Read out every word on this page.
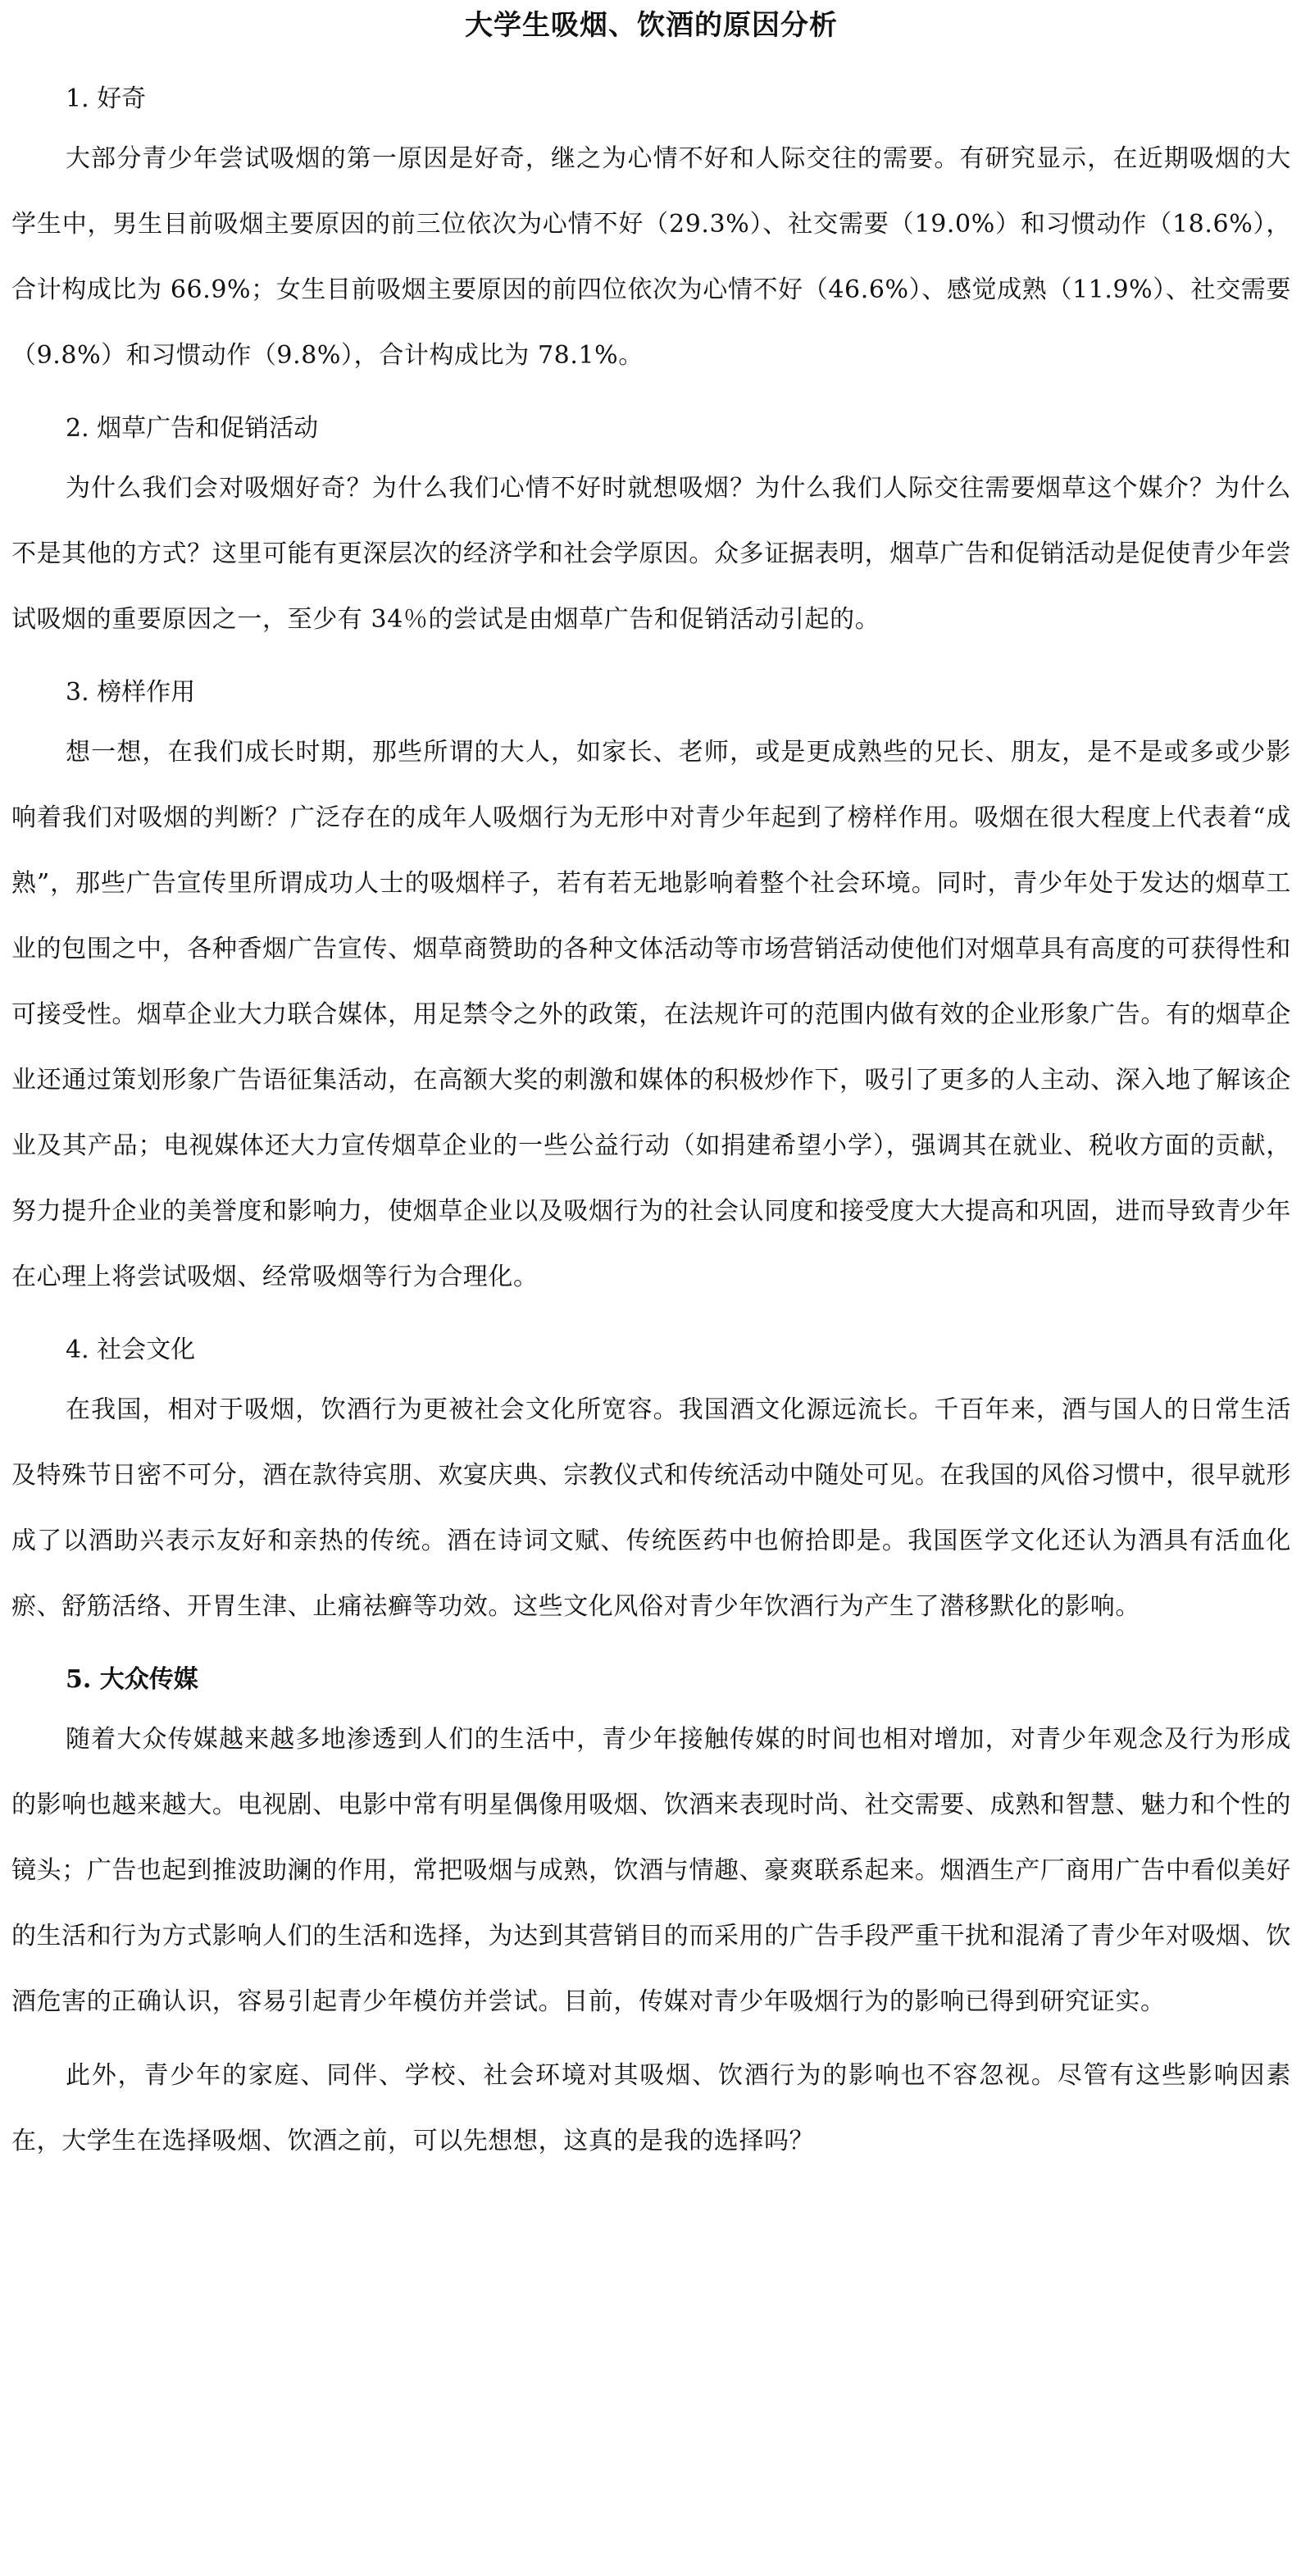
大学生吸烟、饮酒的原因分析
1. 好奇

大部分青少年尝试吸烟的第一原因是好奇，继之为心情不好和人际交往的需要。有研究显示，在近期吸烟的大学生中，男生目前吸烟主要原因的前三位依次为心情不好（29.3%）、社交需要（19.0%）和习惯动作（18.6%），合计构成比为 66.9%；女生目前吸烟主要原因的前四位依次为心情不好（46.6%）、感觉成熟（11.9%）、社交需要（9.8%）和习惯动作（9.8%），合计构成比为 78.1%。

2. 烟草广告和促销活动

为什么我们会对吸烟好奇？为什么我们心情不好时就想吸烟？为什么我们人际交往需要烟草这个媒介？为什么不是其他的方式？这里可能有更深层次的经济学和社会学原因。众多证据表明，烟草广告和促销活动是促使青少年尝试吸烟的重要原因之一，至少有 34％的尝试是由烟草广告和促销活动引起的。

3. 榜样作用

想一想，在我们成长时期，那些所谓的大人，如家长、老师，或是更成熟些的兄长、朋友，是不是或多或少影响着我们对吸烟的判断？广泛存在的成年人吸烟行为无形中对青少年起到了榜样作用。吸烟在很大程度上代表着“成熟”，那些广告宣传里所谓成功人士的吸烟样子，若有若无地影响着整个社会环境。同时，青少年处于发达的烟草工业的包围之中，各种香烟广告宣传、烟草商赞助的各种文体活动等市场营销活动使他们对烟草具有高度的可获得性和可接受性。烟草企业大力联合媒体，用足禁令之外的政策，在法规许可的范围内做有效的企业形象广告。有的烟草企业还通过策划形象广告语征集活动，在高额大奖的刺激和媒体的积极炒作下，吸引了更多的人主动、深入地了解该企业及其产品；电视媒体还大力宣传烟草企业的一些公益行动（如捐建希望小学），强调其在就业、税收方面的贡献，努力提升企业的美誉度和影响力，使烟草企业以及吸烟行为的社会认同度和接受度大大提高和巩固，进而导致青少年在心理上将尝试吸烟、经常吸烟等行为合理化。

4. 社会文化

在我国，相对于吸烟，饮酒行为更被社会文化所宽容。我国酒文化源远流长。千百年来，酒与国人的日常生活及特殊节日密不可分，酒在款待宾朋、欢宴庆典、宗教仪式和传统活动中随处可见。在我国的风俗习惯中，很早就形成了以酒助兴表示友好和亲热的传统。酒在诗词文赋、传统医药中也俯拾即是。我国医学文化还认为酒具有活血化瘀、舒筋活络、开胃生津、止痛祛癣等功效。这些文化风俗对青少年饮酒行为产生了潜移默化的影响。

5. 大众传媒

随着大众传媒越来越多地渗透到人们的生活中，青少年接触传媒的时间也相对增加，对青少年观念及行为形成的影响也越来越大。电视剧、电影中常有明星偶像用吸烟、饮酒来表现时尚、社交需要、成熟和智慧、魅力和个性的镜头；广告也起到推波助澜的作用，常把吸烟与成熟，饮酒与情趣、豪爽联系起来。烟酒生产厂商用广告中看似美好的生活和行为方式影响人们的生活和选择，为达到其营销目的而采用的广告手段严重干扰和混淆了青少年对吸烟、饮酒危害的正确认识，容易引起青少年模仿并尝试。目前，传媒对青少年吸烟行为的影响已得到研究证实。

此外，青少年的家庭、同伴、学校、社会环境对其吸烟、饮酒行为的影响也不容忽视。尽管有这些影响因素在，大学生在选择吸烟、饮酒之前，可以先想想，这真的是我的选择吗？
